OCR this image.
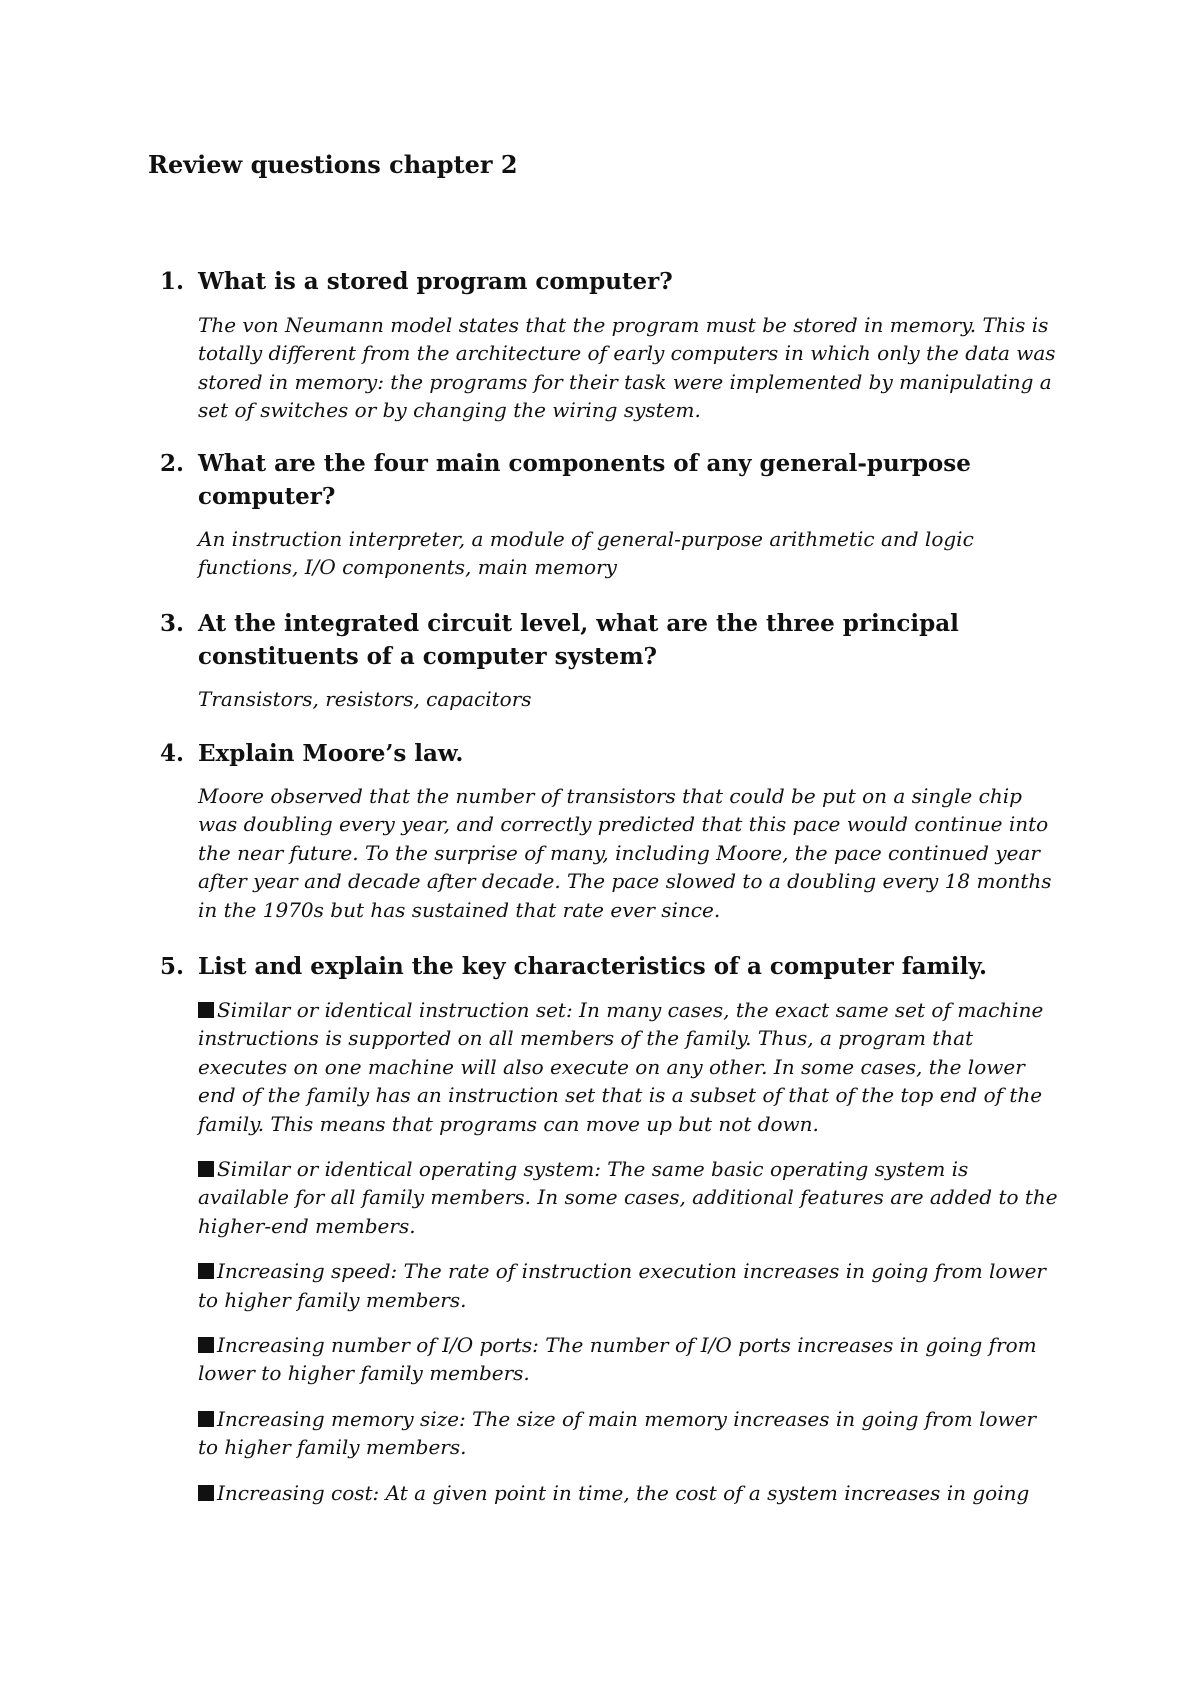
Review questions chapter 2
1. What is a stored program computer?

The von Neumann model states that the program must be stored in memory. This is totally different from the architecture of early computers in which only the data was stored in memory: the programs for their task were implemented by manipulating a set of switches or by changing the wiring system.

2. What are the four main components of any general-purpose
computer?

An instruction interpreter, a module of general-purpose arithmetic and logic functions, I/O components, main memory

3. At the integrated circuit level, what are the three principal
constituents of a computer system?

Transistors, resistors, capacitors

4. Explain Moore’s law.

Moore observed that the number of transistors that could be put on a single chip was doubling every year, and correctly predicted that this pace would continue into the near future. To the surprise of many, including Moore, the pace continued year after year and decade after decade. The pace slowed to a doubling every 18 months in the 1970s but has sustained that rate ever since.

5. List and explain the key characteristics of a computer family.

Similar or identical instruction set: In many cases, the exact same set of machine instructions is supported on all members of the family. Thus, a program that executes on one machine will also execute on any other. In some cases, the lower end of the family has an instruction set that is a subset of that of the top end of the family. This means that programs can move up but not down.

Similar or identical operating system: The same basic operating system is available for all family members. In some cases, additional features are added to the higher-end members.

Increasing speed: The rate of instruction execution increases in going from lower to higher family members.

Increasing number of I/O ports: The number of I/O ports increases in going from lower to higher family members.

Increasing memory size: The size of main memory increases in going from lower to higher family members.

Increasing cost: At a given point in time, the cost of a system increases in going
